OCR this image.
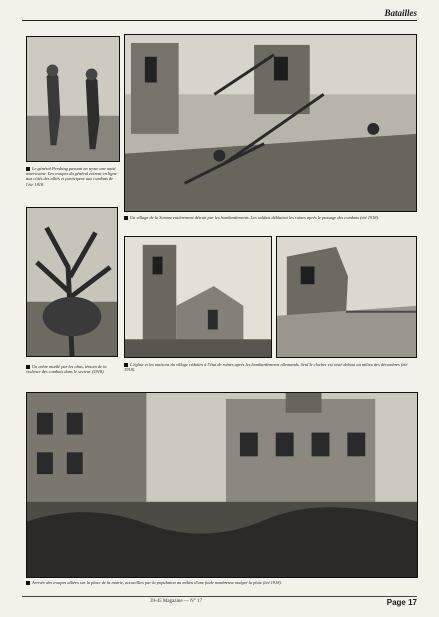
Batailles
Le général Pershing passant en revue une unité américaine. Les troupes du général entrent en ligne aux côtés des alliés et participent aux combats de l'été 1918.
Un village de la Somme entièrement détruit par les bombardements. Les soldats déblaient les ruines après le passage des combats (été 1918).
Un arbre mutilé par les obus, témoin de la violence des combats dans le secteur (1918).
L'église et les maisons du village réduites à l'état de ruines après les bombardements allemands. Seul le clocher est resté debout au milieu des décombres (été 1918).
Arrivée des troupes alliées sur la place de la mairie, accueillies par la population au milieu d'une foule nombreuse malgré la pluie (été 1918).
39-45 Magazine — N° 17	Page 17
